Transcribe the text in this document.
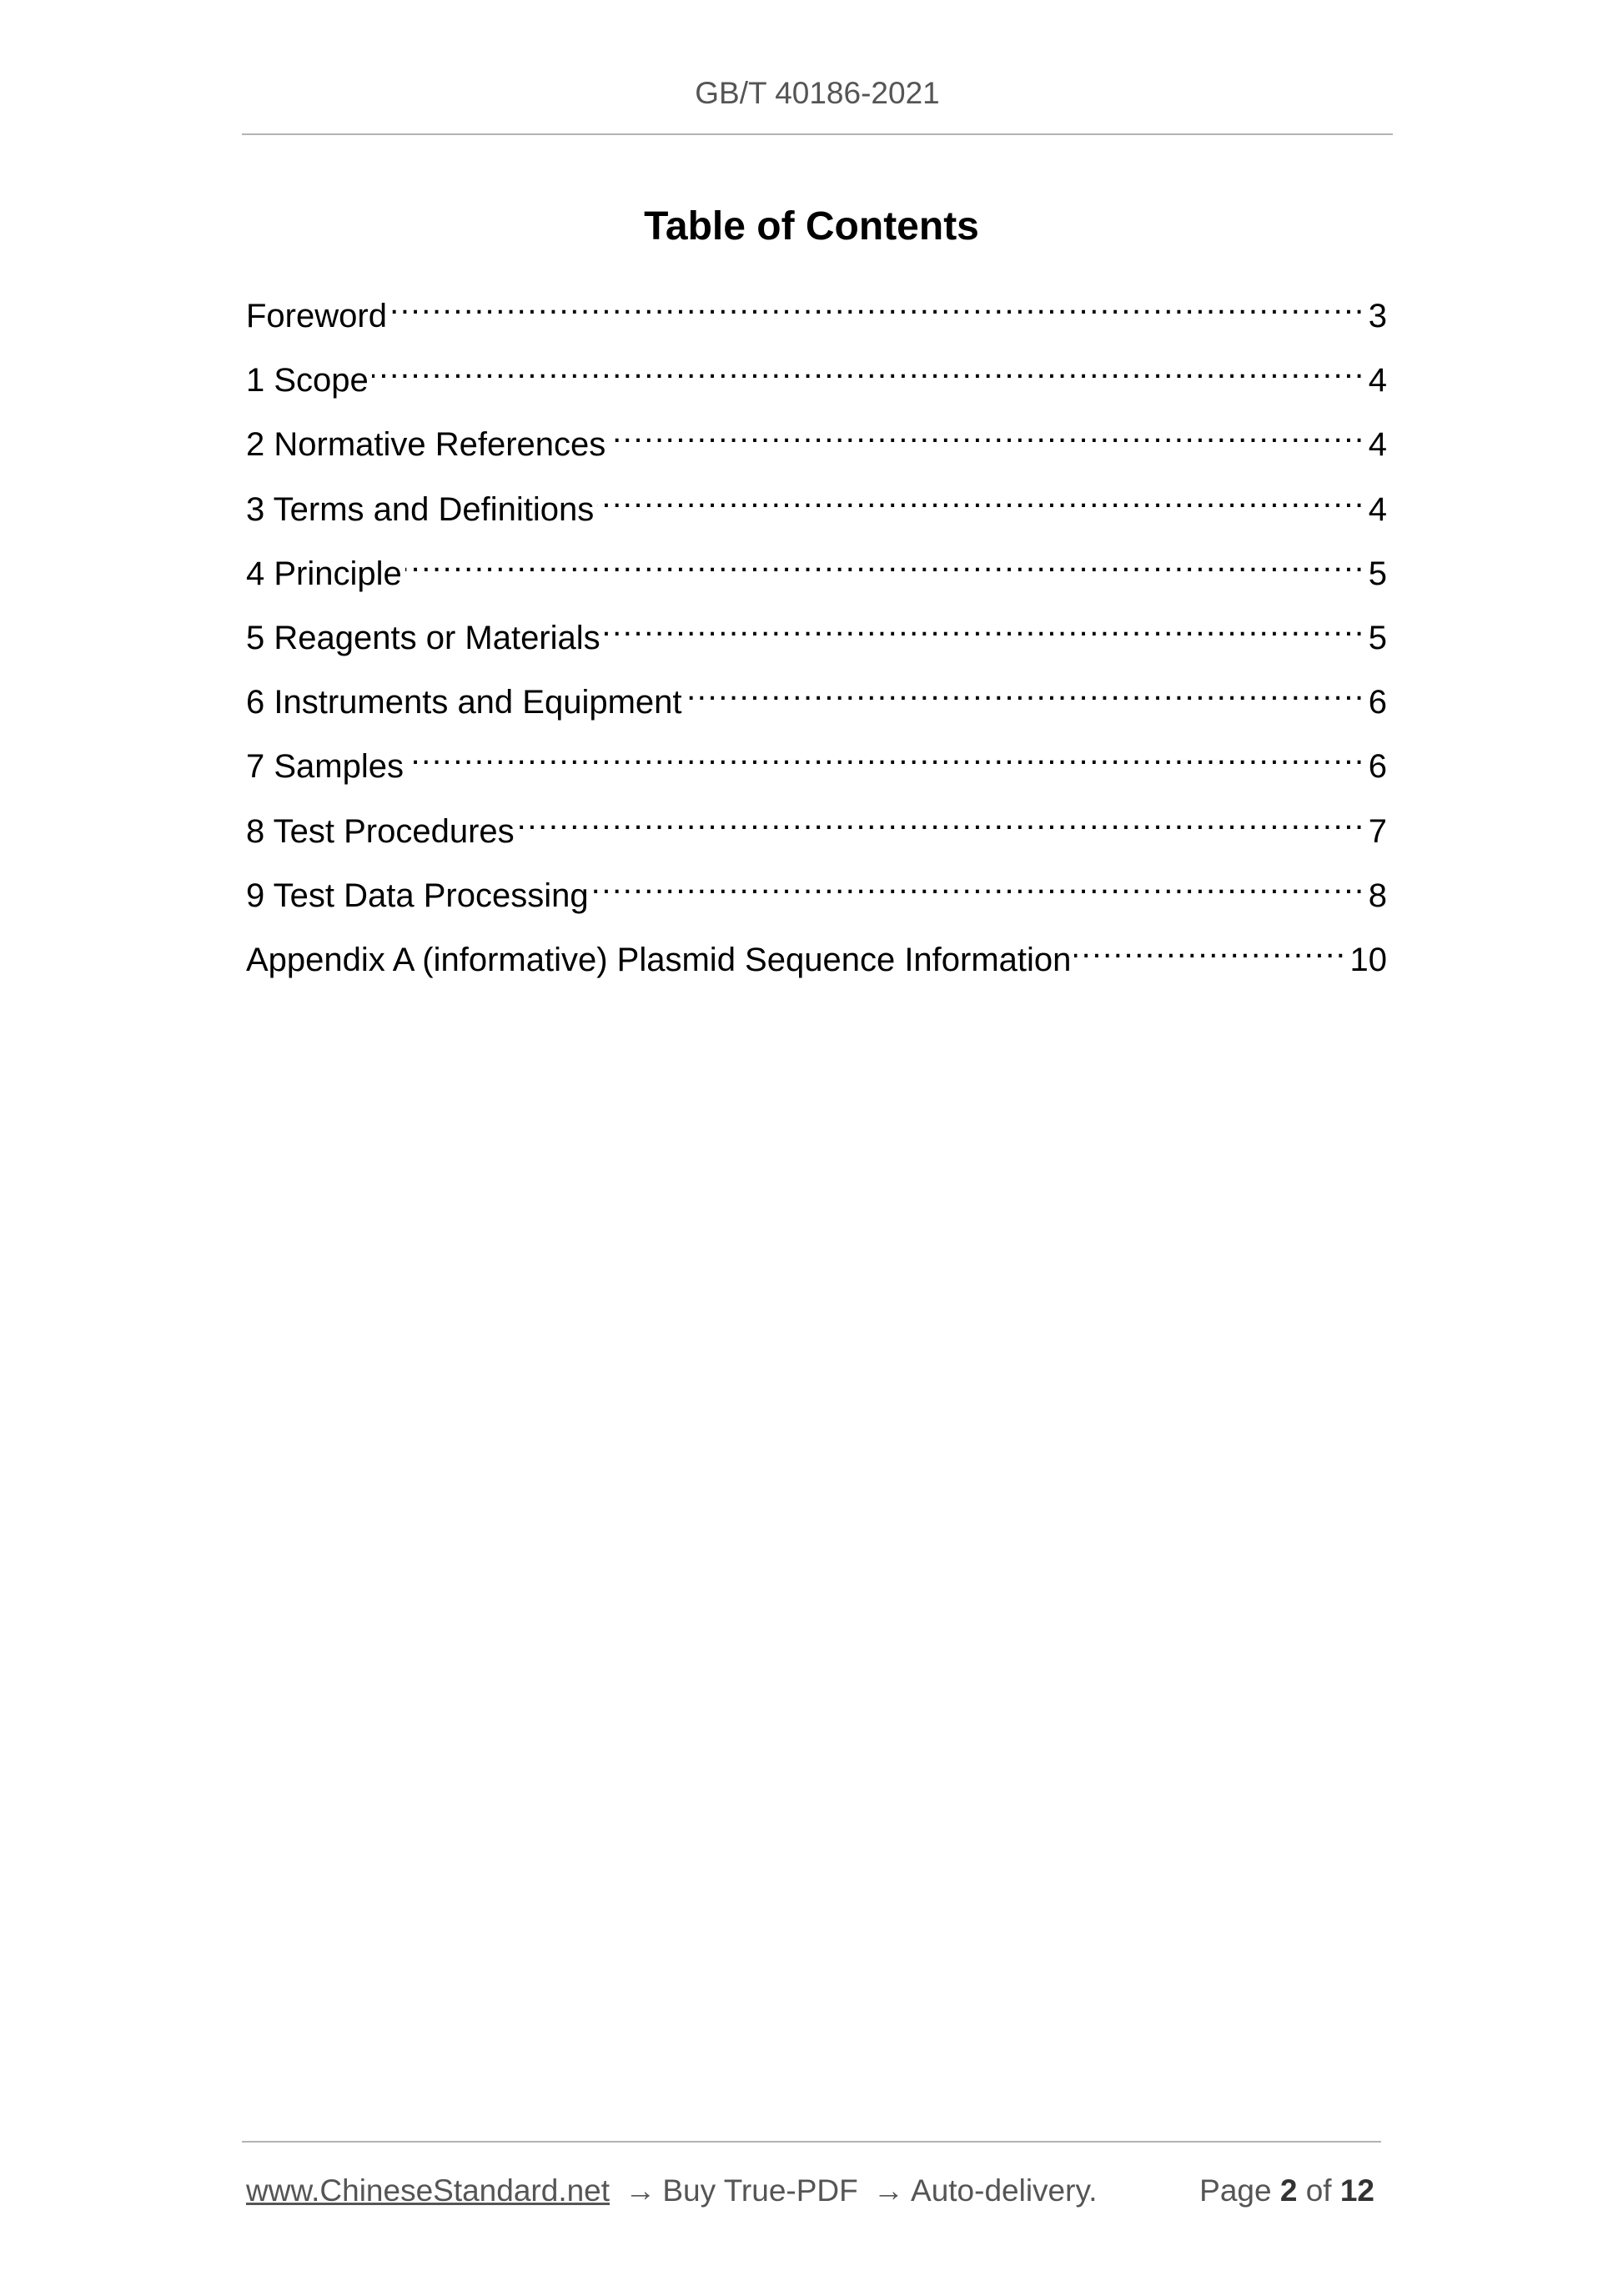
GB/T 40186-2021
Table of Contents
Foreword .....	3
1 Scope .....	4
2 Normative References .....	4
3 Terms and Definitions .....	4
4 Principle .....	5
5 Reagents or Materials .....	5
6 Instruments and Equipment .....	6
7 Samples .....	6
8 Test Procedures .....	7
9 Test Data Processing .....	8
Appendix A (informative) Plasmid Sequence Information .....	10
www.ChineseStandard.net → Buy True-PDF → Auto-delivery.	Page 2 of 12
